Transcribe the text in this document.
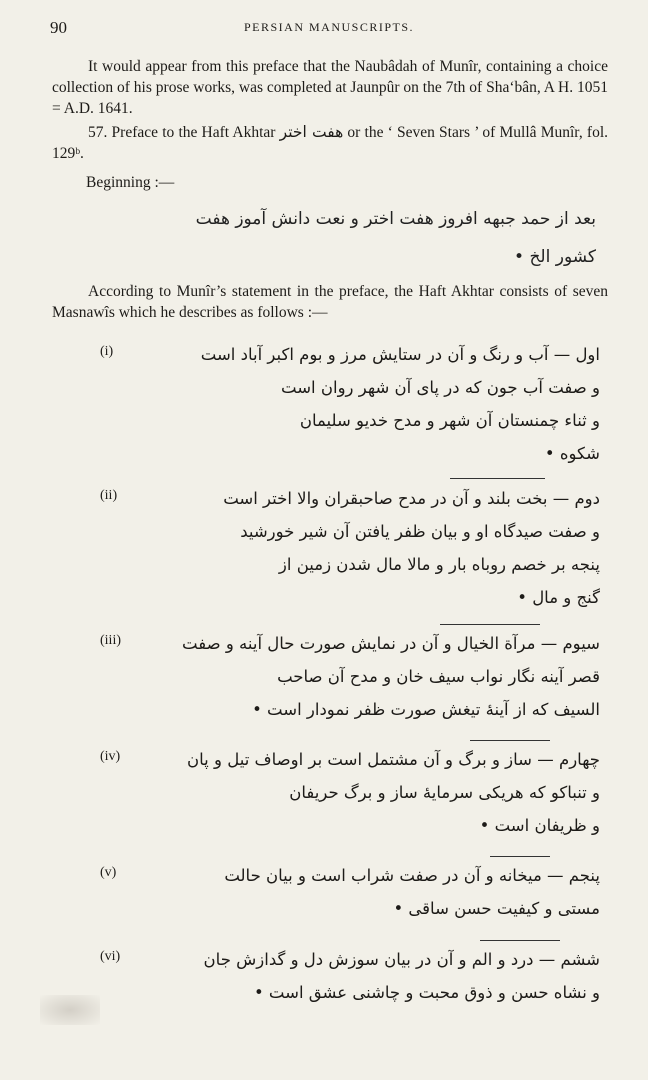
90	PERSIAN MANUSCRIPTS.

It would appear from this preface that the Naubâdah of Munîr, containing a choice collection of his prose works, was completed at Jaunpûr on the 7th of Sha‘bân, A H. 1051 = A.D. 1641.

57. Preface to the Haft Akhtar هفت اختر or the ‘ Seven Stars ’ of Mullâ Munîr, fol. 129ᵇ.

Beginning :—

بعد از حمد جبهه افروز هفت اختر و نعت دانش آموز هفت
کشور الخ •

According to Munîr’s statement in the preface, the Haft Akhtar consists of seven Masnawîs which he describes as follows :—

(i)	اول — آب و رنگ و آن در ستایش مرز و بوم اکبر آباد است
و صفت آب جون که در پای آن شهر روان است
و ثناء چمنستان آن شهر و مدح خدیو سلیمان
شکوه •
(ii)	دوم — بخت بلند و آن در مدح صاحبقران والا اختر است
و صفت صیدگاه او و بیان ظفر یافتن آن شیر خورشید
پنجه بر خصم روباه بار و مالا مال شدن زمین از
گنج و مال •
(iii)	سیوم — مرآة الخیال و آن در نمایش صورت حال آینه و صفت
قصر آینه نگار نواب سیف خان و مدح آن صاحب
السیف که از آینهٔ تیغش صورت ظفر نمودار است •
(iv)	چهارم — ساز و برگ و آن مشتمل است بر اوصاف تیل و پان
و تنباکو که هریکی سرمایهٔ ساز و برگ حریفان
و ظریفان است •
(v)	پنجم — میخانه و آن در صفت شراب است و بیان حالت
مستی و کیفیت حسن ساقی •
(vi)	ششم — درد و الم و آن در بیان سوزش دل و گدازش جان
و نشاه حسن و ذوق محبت و چاشنی عشق است •
